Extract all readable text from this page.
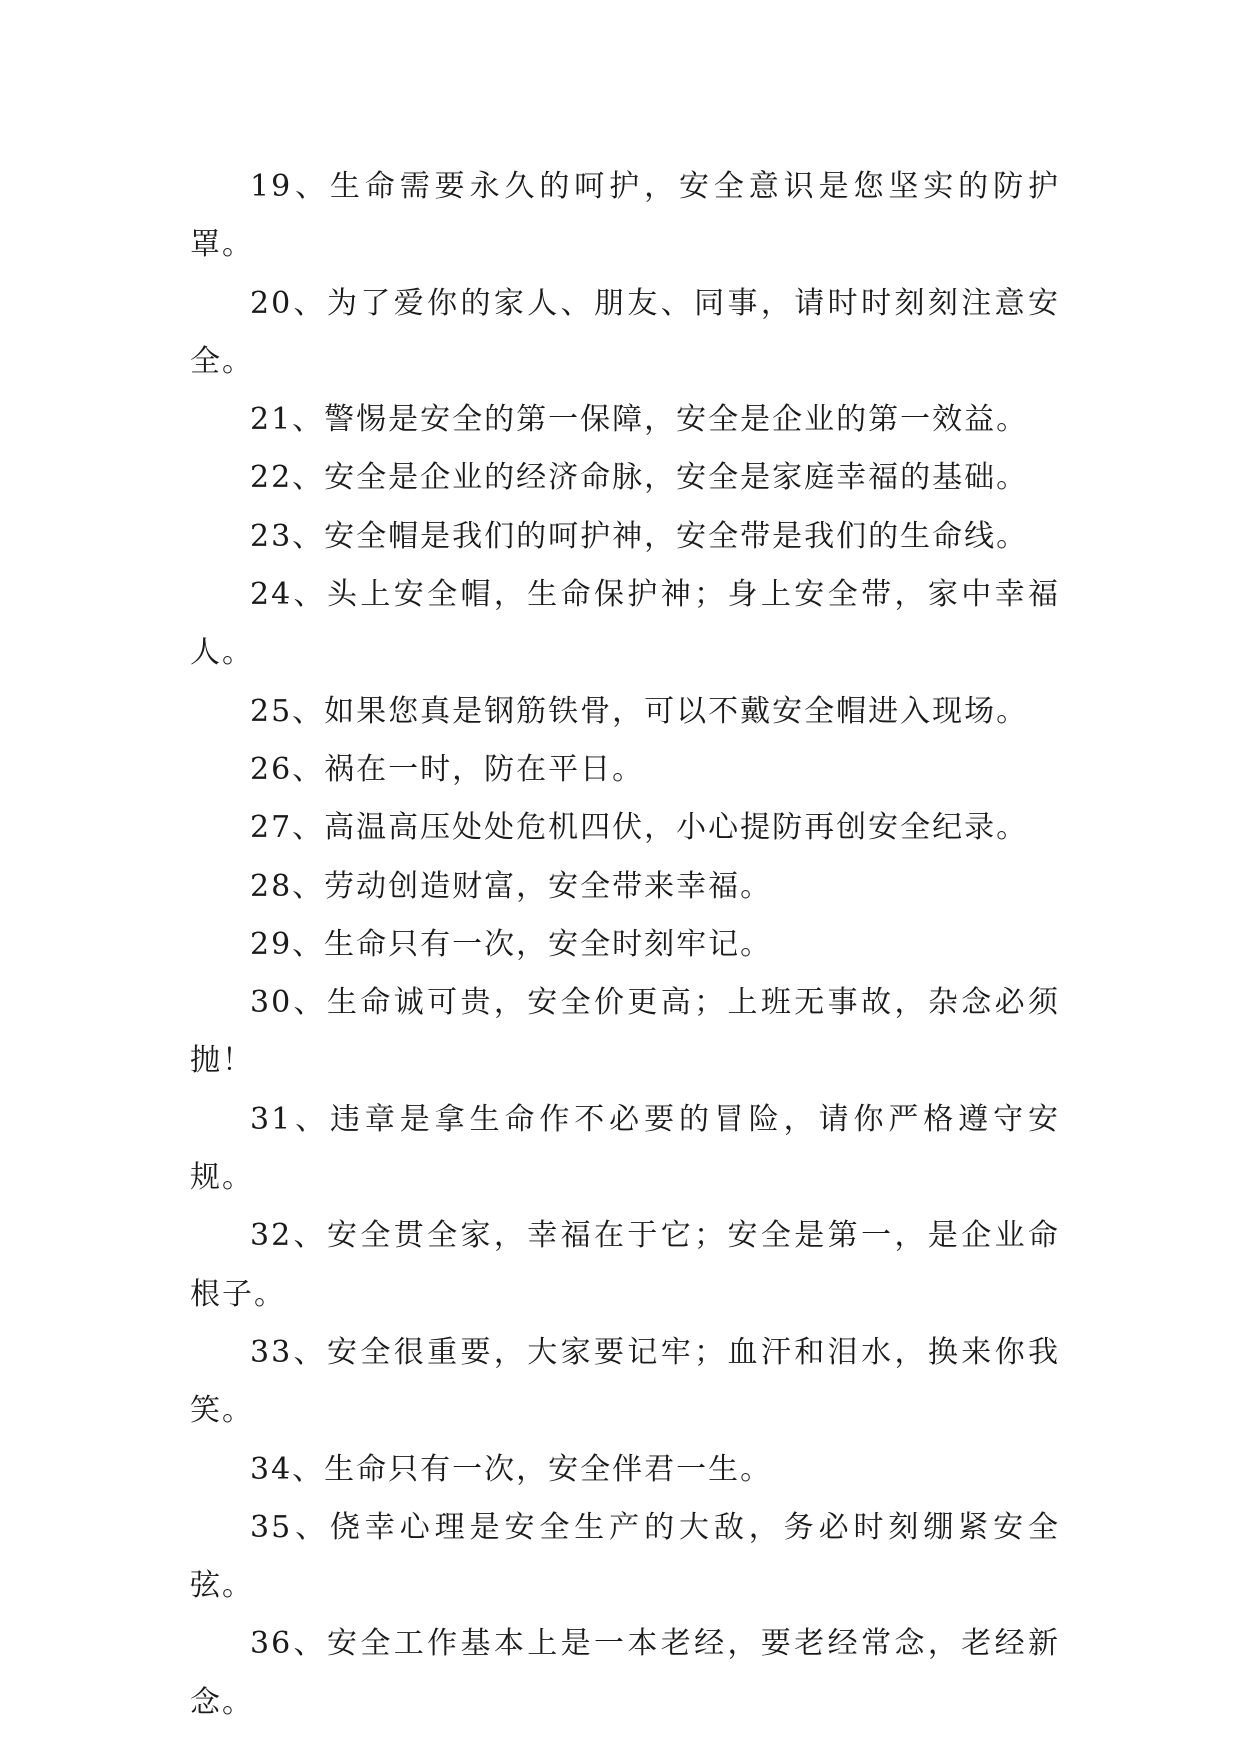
19、生命需要永久的呵护，安全意识是您坚实的防护罩。

20、为了爱你的家人、朋友、同事，请时时刻刻注意安全。

21、警惕是安全的第一保障，安全是企业的第一效益。

22、安全是企业的经济命脉，安全是家庭幸福的基础。

23、安全帽是我们的呵护神，安全带是我们的生命线。

24、头上安全帽，生命保护神；身上安全带，家中幸福人。

25、如果您真是钢筋铁骨，可以不戴安全帽进入现场。

26、祸在一时，防在平日。

27、高温高压处处危机四伏，小心提防再创安全纪录。

28、劳动创造财富，安全带来幸福。

29、生命只有一次，安全时刻牢记。

30、生命诚可贵，安全价更高；上班无事故，杂念必须抛！

31、违章是拿生命作不必要的冒险，请你严格遵守安规。

32、安全贯全家，幸福在于它；安全是第一，是企业命根子。

33、安全很重要，大家要记牢；血汗和泪水，换来你我笑。

34、生命只有一次，安全伴君一生。

35、侥幸心理是安全生产的大敌，务必时刻绷紧安全弦。

36、安全工作基本上是一本老经，要老经常念，老经新念。
